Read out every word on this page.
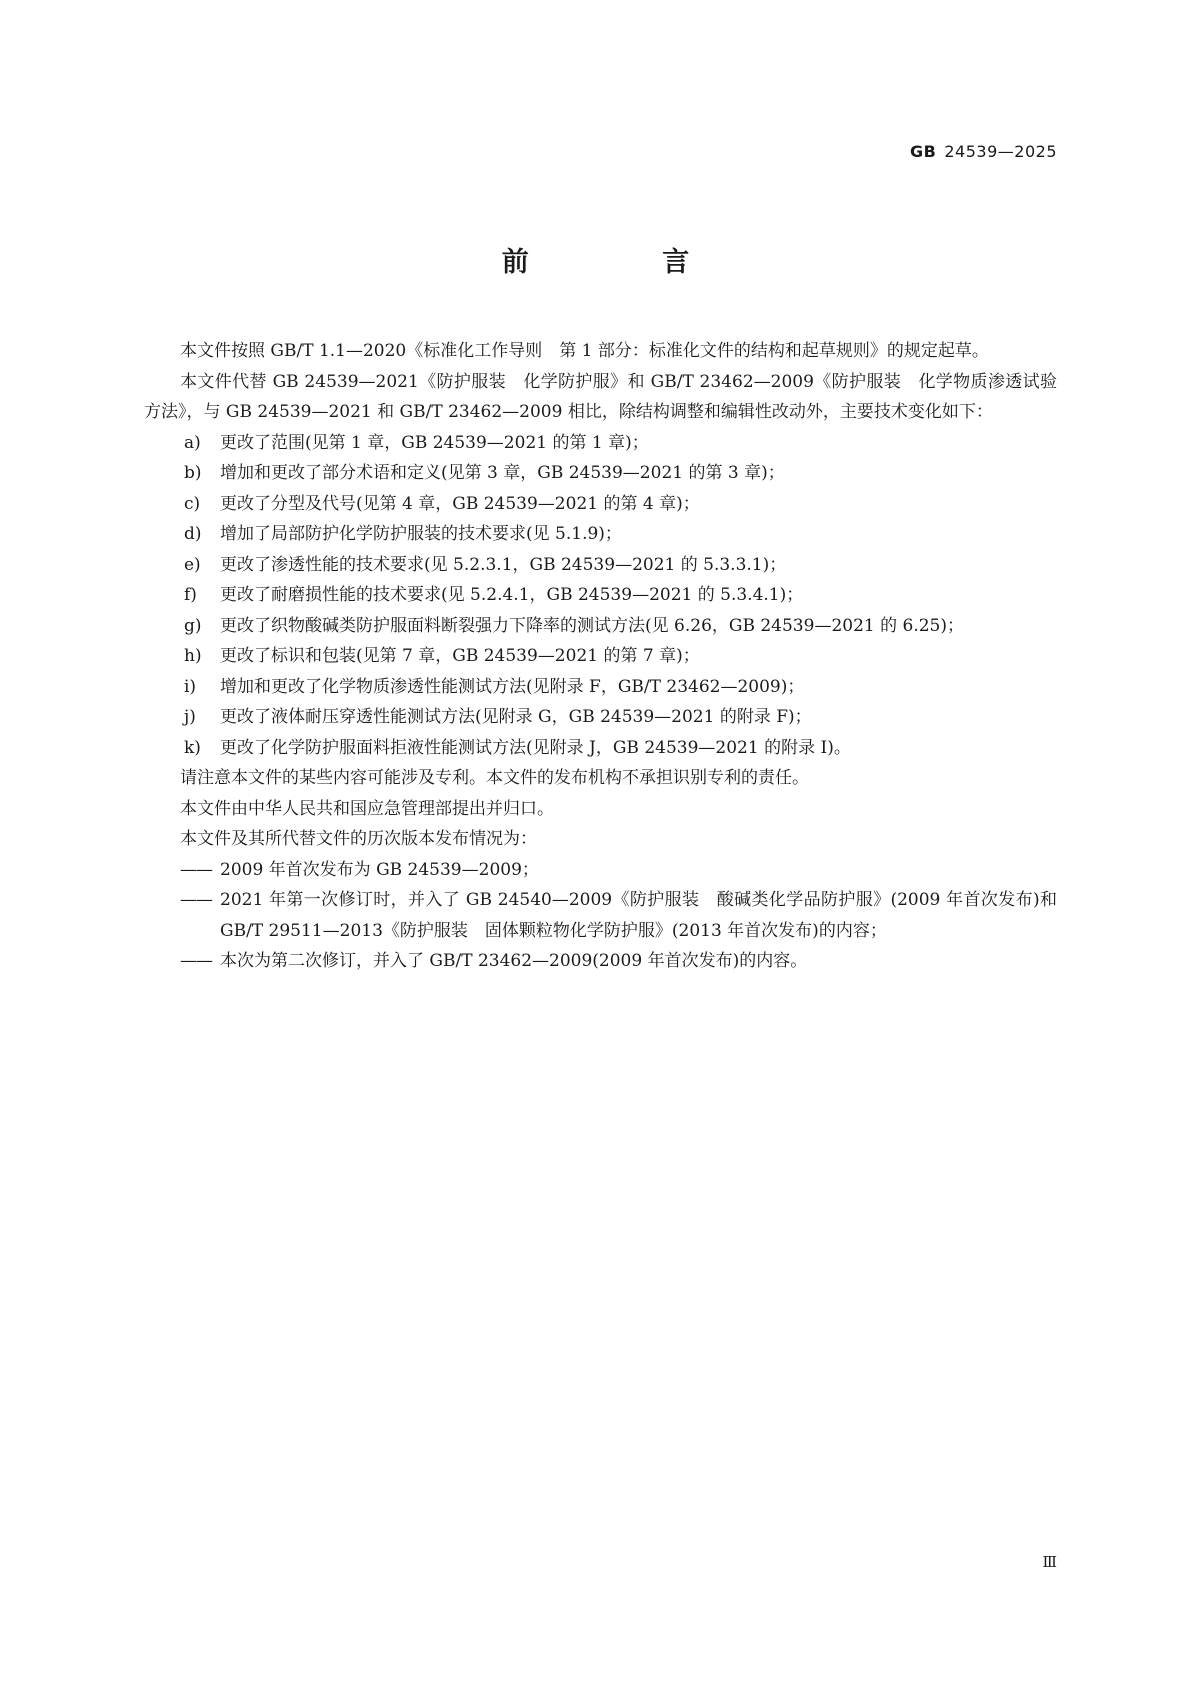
GB 24539—2025
前 言

本文件按照 GB/T 1.1—2020《标准化工作导则　第 1 部分：标准化文件的结构和起草规则》的规定起草。

本文件代替 GB 24539—2021《防护服装　化学防护服》和 GB/T 23462—2009《防护服装　化学物质渗透试验方法》，与 GB 24539—2021 和 GB/T 23462—2009 相比，除结构调整和编辑性改动外，主要技术变化如下：

a) 更改了范围(见第 1 章，GB 24539—2021 的第 1 章)；

b) 增加和更改了部分术语和定义(见第 3 章，GB 24539—2021 的第 3 章)；

c) 更改了分型及代号(见第 4 章，GB 24539—2021 的第 4 章)；

d) 增加了局部防护化学防护服装的技术要求(见 5.1.9)；

e) 更改了渗透性能的技术要求(见 5.2.3.1，GB 24539—2021 的 5.3.3.1)；

f) 更改了耐磨损性能的技术要求(见 5.2.4.1，GB 24539—2021 的 5.3.4.1)；

g) 更改了织物酸碱类防护服面料断裂强力下降率的测试方法(见 6.26，GB 24539—2021 的 6.25)；

h) 更改了标识和包装(见第 7 章，GB 24539—2021 的第 7 章)；

i) 增加和更改了化学物质渗透性能测试方法(见附录 F，GB/T 23462—2009)；

j) 更改了液体耐压穿透性能测试方法(见附录 G，GB 24539—2021 的附录 F)；

k) 更改了化学防护服面料拒液性能测试方法(见附录 J，GB 24539—2021 的附录 I)。

请注意本文件的某些内容可能涉及专利。本文件的发布机构不承担识别专利的责任。

本文件由中华人民共和国应急管理部提出并归口。

本文件及其所代替文件的历次版本发布情况为：

—— 2009 年首次发布为 GB 24539—2009；

—— 2021 年第一次修订时，并入了 GB 24540—2009《防护服装　酸碱类化学品防护服》(2009 年首次发布)和 GB/T 29511—2013《防护服装　固体颗粒物化学防护服》(2013 年首次发布)的内容；

—— 本次为第二次修订，并入了 GB/T 23462—2009(2009 年首次发布)的内容。

Ⅲ
